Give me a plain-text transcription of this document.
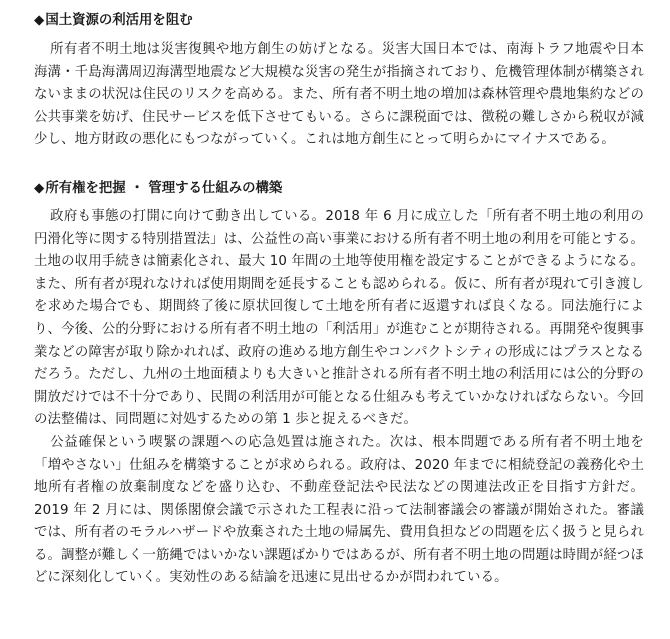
◆国土資源の利活用を阻む

所有者不明土地は災害復興や地方創生の妨げとなる。災害大国日本では、南海トラフ地震や日本海溝・千島海溝周辺海溝型地震など大規模な災害の発生が指摘されており、危機管理体制が構築されないままの状況は住民のリスクを高める。また、所有者不明土地の増加は森林管理や農地集約などの公共事業を妨げ、住民サービスを低下させてもいる。さらに課税面では、徴税の難しさから税収が減少し、地方財政の悪化にもつながっていく。これは地方創生にとって明らかにマイナスである。

◆所有権を把握 ・ 管理する仕組みの構築

政府も事態の打開に向けて動き出している。2018 年 6 月に成立した「所有者不明土地の利用の円滑化等に関する特別措置法」は、公益性の高い事業における所有者不明土地の利用を可能とする。土地の収用手続きは簡素化され、最大 10 年間の土地等使用権を設定することができるようになる。また、所有者が現れなければ使用期間を延長することも認められる。仮に、所有者が現れて引き渡しを求めた場合でも、期間終了後に原状回復して土地を所有者に返還すれば良くなる。同法施行により、今後、公的分野における所有者不明土地の「利活用」が進むことが期待される。再開発や復興事業などの障害が取り除かれれば、政府の進める地方創生やコンパクトシティの形成にはプラスとなるだろう。ただし、九州の土地面積よりも大きいと推計される所有者不明土地の利活用には公的分野の開放だけでは不十分であり、民間の利活用が可能となる仕組みも考えていかなければならない。今回の法整備は、同問題に対処するための第 1 歩と捉えるべきだ。

公益確保という喫緊の課題への応急処置は施された。次は、根本問題である所有者不明土地を「増やさない」仕組みを構築することが求められる。政府は、2020 年までに相続登記の義務化や土地所有者権の放棄制度などを盛り込む、不動産登記法や民法などの関連法改正を目指す方針だ。2019 年 2 月には、関係閣僚会議で示された工程表に沿って法制審議会の審議が開始された。審議では、所有者のモラルハザードや放棄された土地の帰属先、費用負担などの問題を広く扱うと見られる。調整が難しく一筋縄ではいかない課題ばかりではあるが、所有者不明土地の問題は時間が経つほどに深刻化していく。実効性のある結論を迅速に見出せるかが問われている。
